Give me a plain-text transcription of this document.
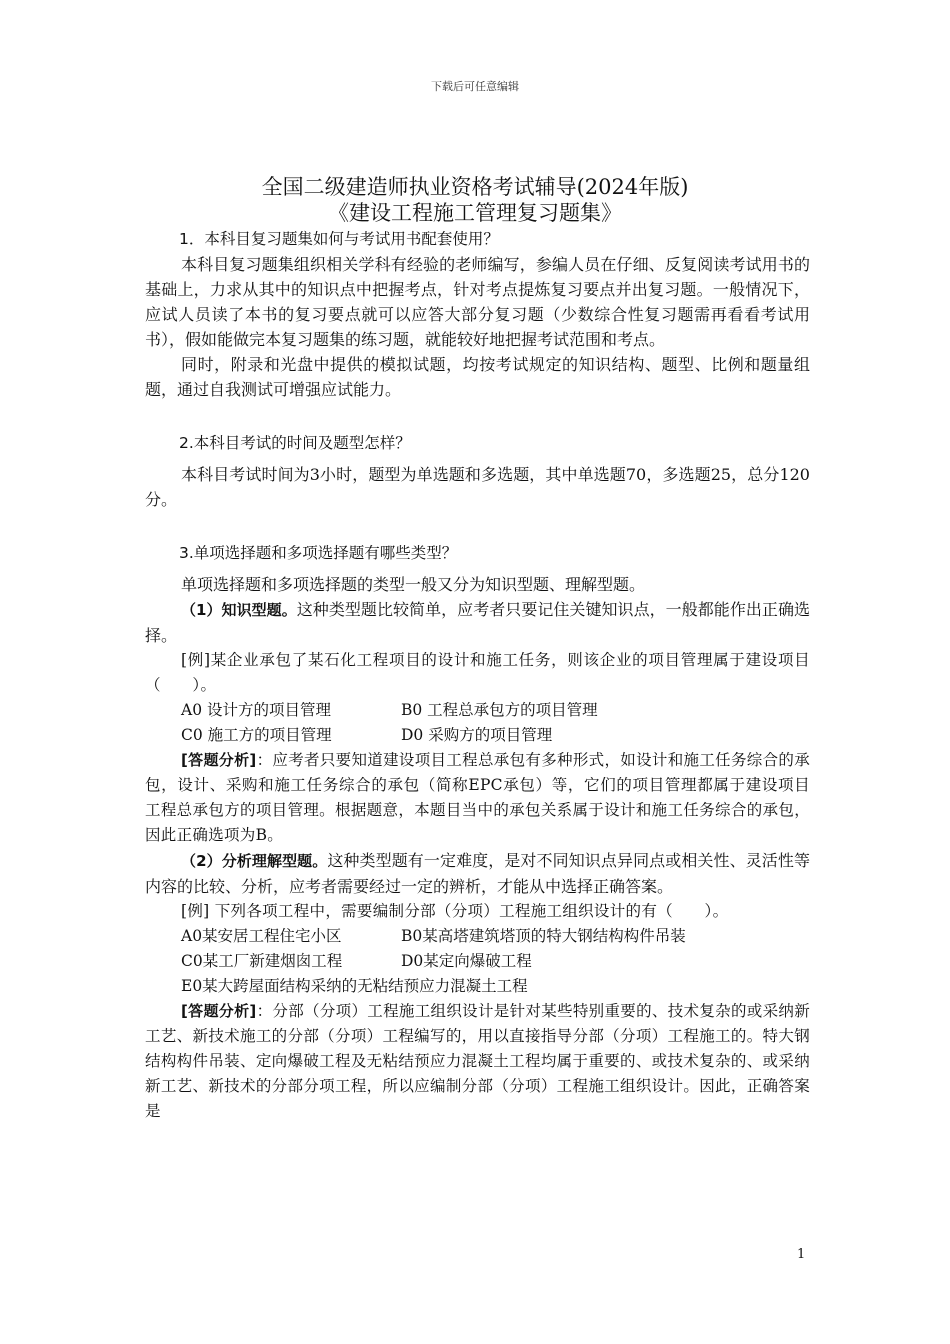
下载后可任意编辑
全国二级建造师执业资格考试辅导(2024年版)
《建设工程施工管理复习题集》

1．本科目复习题集如何与考试用书配套使用？

本科目复习题集组织相关学科有经验的老师编写，参编人员在仔细、反复阅读考试用书的基础上，力求从其中的知识点中把握考点，针对考点提炼复习要点并出复习题。一般情况下，应试人员读了本书的复习要点就可以应答大部分复习题（少数综合性复习题需再看看考试用书），假如能做完本复习题集的练习题，就能较好地把握考试范围和考点。

同时，附录和光盘中提供的模拟试题，均按考试规定的知识结构、题型、比例和题量组题，通过自我测试可增强应试能力。

2.本科目考试的时间及题型怎样？

本科目考试时间为3小时，题型为单选题和多选题，其中单选题70，多选题25，总分120分。

3.单项选择题和多项选择题有哪些类型？

单项选择题和多项选择题的类型一般又分为知识型题、理解型题。

（1）知识型题。这种类型题比较简单，应考者只要记住关键知识点，一般都能作出正确选择。

[例]某企业承包了某石化工程项目的设计和施工任务，则该企业的项目管理属于建设项目（　　）。

A0 设计方的项目管理	B0 工程总承包方的项目管理
C0 施工方的项目管理	D0 采购方的项目管理

[答题分析]：应考者只要知道建设项目工程总承包有多种形式，如设计和施工任务综合的承包，设计、采购和施工任务综合的承包（简称EPC承包）等，它们的项目管理都属于建设项目工程总承包方的项目管理。根据题意，本题目当中的承包关系属于设计和施工任务综合的承包，因此正确选项为B。

（2）分析理解型题。这种类型题有一定难度，是对不同知识点异同点或相关性、灵活性等内容的比较、分析，应考者需要经过一定的辨析，才能从中选择正确答案。

[例] 下列各项工程中，需要编制分部（分项）工程施工组织设计的有（　　）。

A0某安居工程住宅小区	B0某高塔建筑塔顶的特大钢结构构件吊装
C0某工厂新建烟囱工程	D0某定向爆破工程
E0某大跨屋面结构采纳的无粘结预应力混凝土工程

[答题分析]：分部（分项）工程施工组织设计是针对某些特别重要的、技术复杂的或采纳新工艺、新技术施工的分部（分项）工程编写的，用以直接指导分部（分项）工程施工的。特大钢结构构件吊装、定向爆破工程及无粘结预应力混凝土工程均属于重要的、或技术复杂的、或采纳新工艺、新技术的分部分项工程，所以应编制分部（分项）工程施工组织设计。因此，正确答案是

1
